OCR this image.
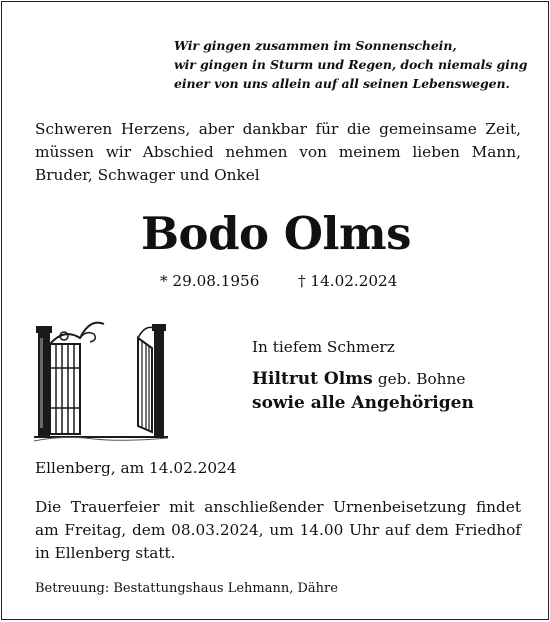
Wir gingen zusammen im Sonnenschein,
wir gingen in Sturm und Regen, doch niemals ging
einer von uns allein auf all seinen Lebenswegen.
Schweren Herzens, aber dankbar für die gemeinsame Zeit, müssen wir Abschied nehmen von meinem lieben Mann, Bruder, Schwager und Onkel
Bodo Olms
* 29.08.1956	† 14.02.2024
In tiefem Schmerz
Hiltrut Olms geb. Bohne
sowie alle Angehörigen
Ellenberg, am 14.02.2024
Die Trauerfeier mit anschließender Urnenbeisetzung findet am Freitag, dem 08.03.2024, um 14.00 Uhr auf dem Friedhof in Ellenberg statt.
Betreuung: Bestattungshaus Lehmann, Dähre
